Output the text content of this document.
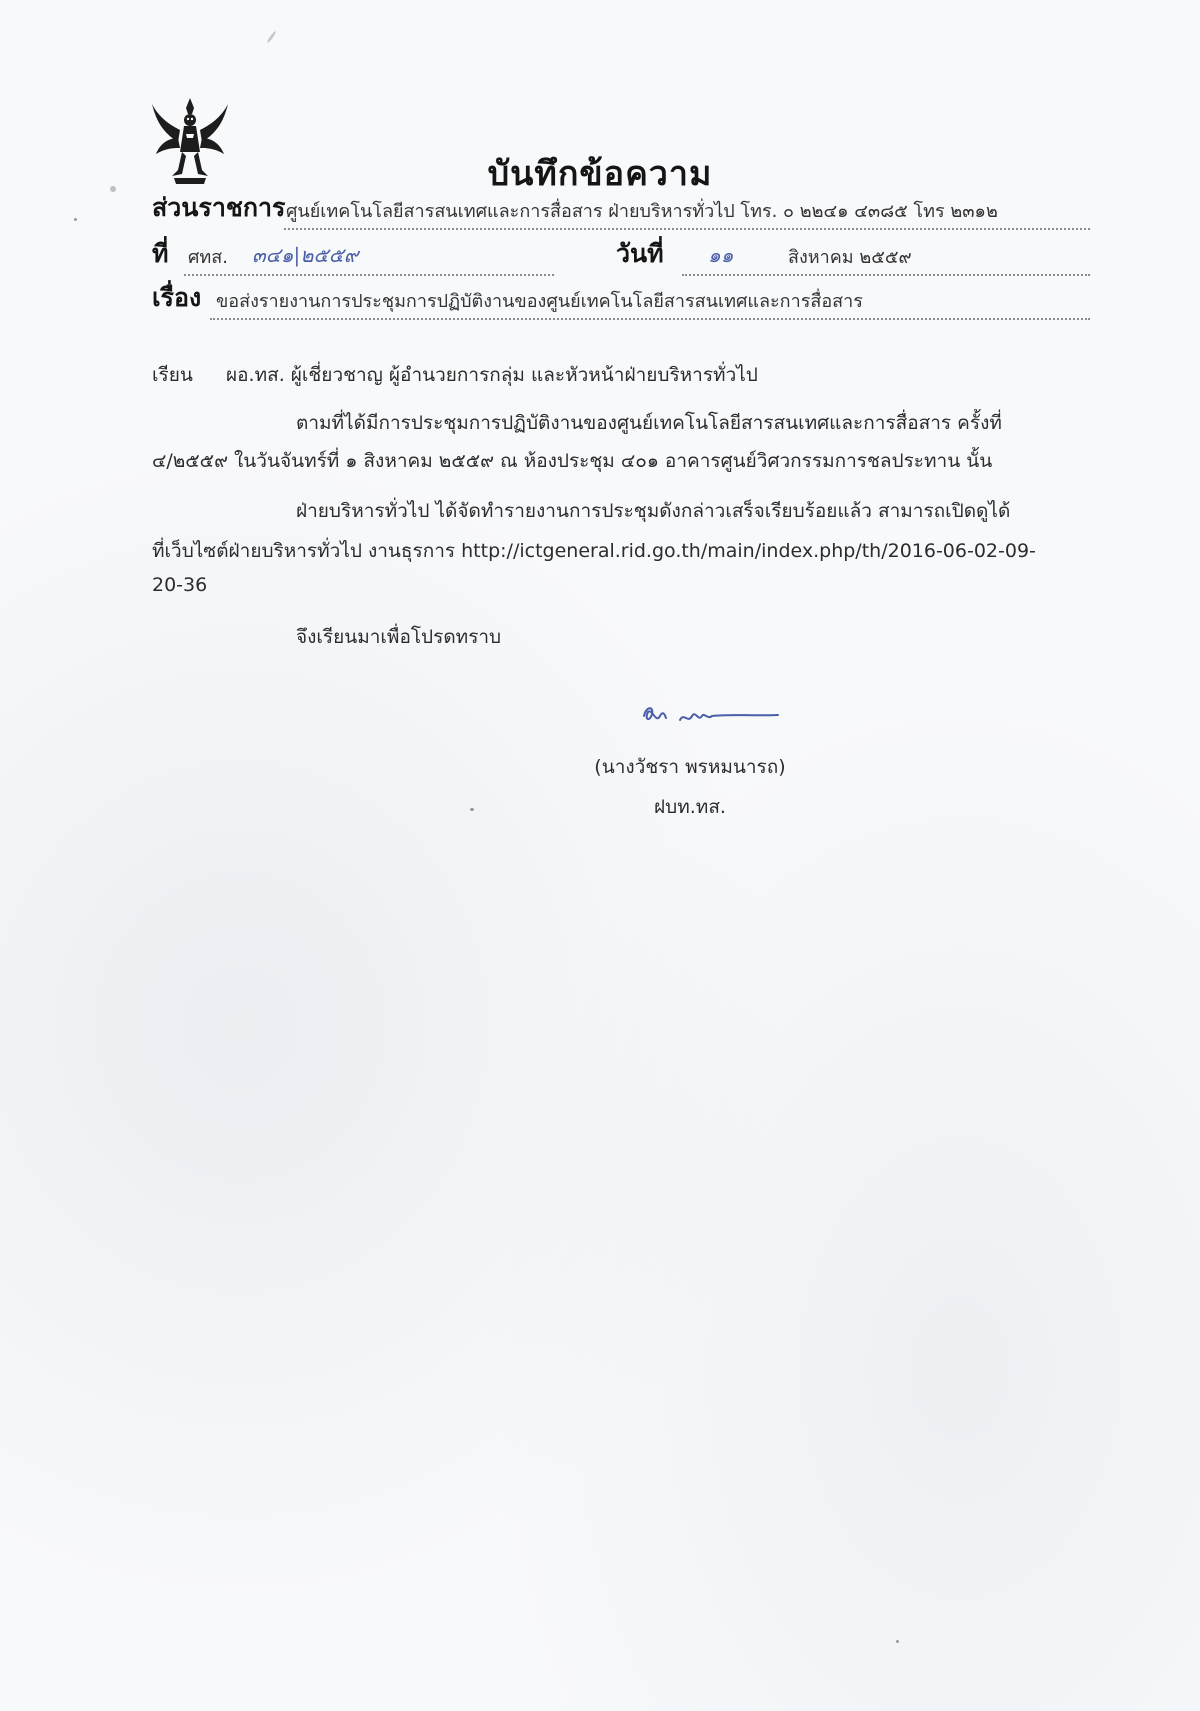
บันทึกข้อความ
ส่วนราชการ ศูนย์เทคโนโลยีสารสนเทศและการสื่อสาร ฝ่ายบริหารทั่วไป โทร. ๐ ๒๒๔๑ ๔๓๘๕ โทร ๒๓๑๒
ที่ ศทส. ๓๔๑|๒๕๕๙	วันที่ ๑๑	สิงหาคม ๒๕๕๙
เรื่อง ขอส่งรายงานการประชุมการปฏิบัติงานของศูนย์เทคโนโลยีสารสนเทศและการสื่อสาร
เรียน ผอ.ทส. ผู้เชี่ยวชาญ ผู้อำนวยการกลุ่ม และหัวหน้าฝ่ายบริหารทั่วไป
ตามที่ได้มีการประชุมการปฏิบัติงานของศูนย์เทคโนโลยีสารสนเทศและการสื่อสาร ครั้งที่
๔/๒๕๕๙ ในวันจันทร์ที่ ๑ สิงหาคม ๒๕๕๙ ณ ห้องประชุม ๔๐๑ อาคารศูนย์วิศวกรรมการชลประทาน นั้น
ฝ่ายบริหารทั่วไป ได้จัดทำรายงานการประชุมดังกล่าวเสร็จเรียบร้อยแล้ว สามารถเปิดดูได้
ที่เว็บไซต์ฝ่ายบริหารทั่วไป งานธุรการ http://ictgeneral.rid.go.th/main/index.php/th/2016-06-02-09-
20-36
จึงเรียนมาเพื่อโปรดทราบ
(นางวัชรา พรหมนารถ)
ฝบท.ทส.
